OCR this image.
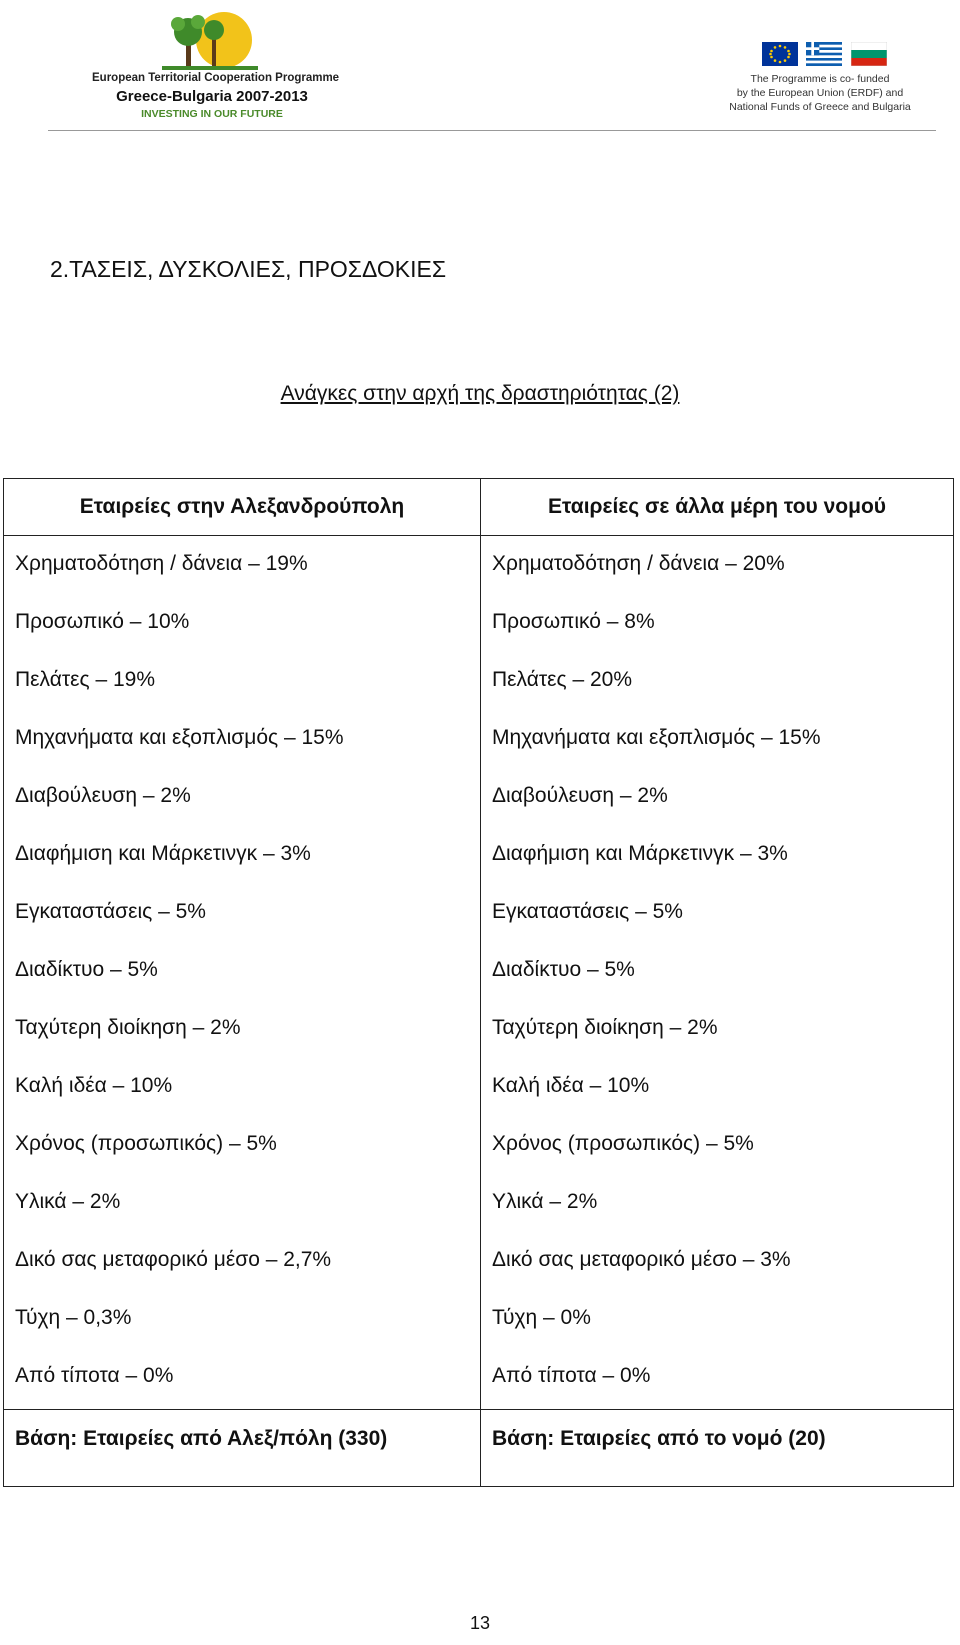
European Territorial Cooperation Programme
Greece-Bulgaria 2007-2013
INVESTING IN OUR FUTURE

The Programme is co- funded
by the European Union (ERDF) and
National Funds of Greece and Bulgaria
2.ΤΑΣΕΙΣ, ΔΥΣΚΟΛΙΕΣ, ΠΡΟΣΔΟΚΙΕΣ
Ανάγκες στην αρχή της δραστηριότητας (2)
Εταιρείες στην Αλεξανδρούπολη	Εταιρείες σε άλλα μέρη του νομού
Χρηματοδότηση / δάνεια – 19%
Προσωπικό – 10%
Πελάτες – 19%
Μηχανήματα και εξοπλισμός – 15%
Διαβούλευση – 2%
Διαφήμιση και Μάρκετινγκ – 3%
Εγκαταστάσεις – 5%
Διαδίκτυο – 5%
Ταχύτερη διοίκηση – 2%
Καλή ιδέα – 10%
Χρόνος (προσωπικός) – 5%
Υλικά – 2%
Δικό σας μεταφορικό μέσο – 2,7%
Τύχη – 0,3%
Από τίποτα – 0%
Χρηματοδότηση / δάνεια – 20%
Προσωπικό – 8%
Πελάτες – 20%
Μηχανήματα και εξοπλισμός – 15%
Διαβούλευση – 2%
Διαφήμιση και Μάρκετινγκ – 3%
Εγκαταστάσεις – 5%
Διαδίκτυο – 5%
Ταχύτερη διοίκηση – 2%
Καλή ιδέα – 10%
Χρόνος (προσωπικός) – 5%
Υλικά – 2%
Δικό σας μεταφορικό μέσο – 3%
Τύχη – 0%
Από τίποτα – 0%
Βάση: Εταιρείες από Αλεξ/πόλη (330)	Βάση: Εταιρείες από το νομό (20)
13
